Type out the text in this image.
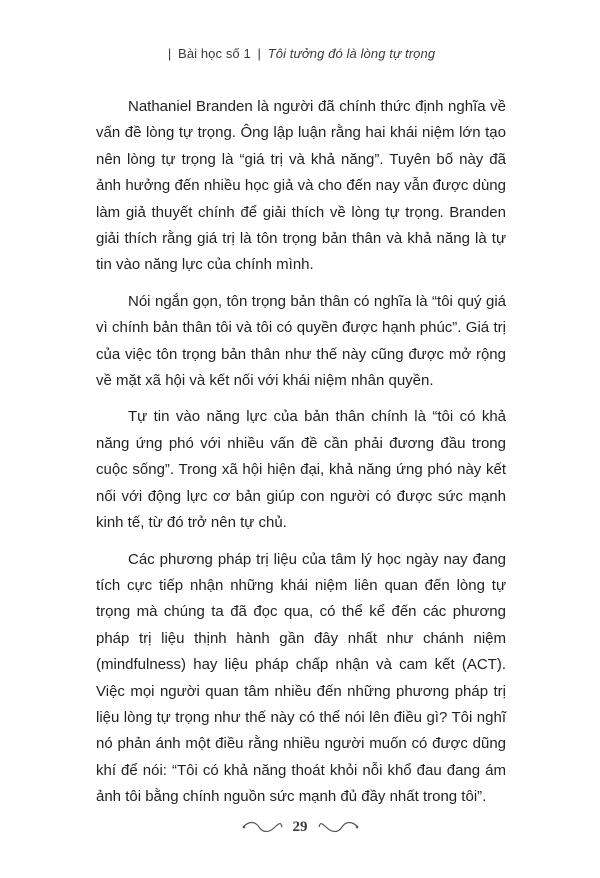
| Bài học số 1 | Tôi tưởng đó là lòng tự trọng

Nathaniel Branden là người đã chính thức định nghĩa về vấn đề lòng tự trọng. Ông lập luận rằng hai khái niệm lớn tạo nên lòng tự trọng là “giá trị và khả năng”. Tuyên bố này đã ảnh hưởng đến nhiều học giả và cho đến nay vẫn được dùng làm giả thuyết chính để giải thích về lòng tự trọng. Branden giải thích rằng giá trị là tôn trọng bản thân và khả năng là tự tin vào năng lực của chính mình.

Nói ngắn gọn, tôn trọng bản thân có nghĩa là “tôi quý giá vì chính bản thân tôi và tôi có quyền được hạnh phúc”. Giá trị của việc tôn trọng bản thân như thế này cũng được mở rộng về mặt xã hội và kết nối với khái niệm nhân quyền.

Tự tin vào năng lực của bản thân chính là “tôi có khả năng ứng phó với nhiều vấn đề cần phải đương đầu trong cuộc sống”. Trong xã hội hiện đại, khả năng ứng phó này kết nối với động lực cơ bản giúp con người có được sức mạnh kinh tế, từ đó trở nên tự chủ.

Các phương pháp trị liệu của tâm lý học ngày nay đang tích cực tiếp nhận những khái niệm liên quan đến lòng tự trọng mà chúng ta đã đọc qua, có thể kể đến các phương pháp trị liệu thịnh hành gần đây nhất như chánh niệm (mindfulness) hay liệu pháp chấp nhận và cam kết (ACT). Việc mọi người quan tâm nhiều đến những phương pháp trị liệu lòng tự trọng như thế này có thể nói lên điều gì? Tôi nghĩ nó phản ánh một điều rằng nhiều người muốn có được dũng khí để nói: “Tôi có khả năng thoát khỏi nỗi khổ đau đang ám ảnh tôi bằng chính nguồn sức mạnh đủ đầy nhất trong tôi”.

29
